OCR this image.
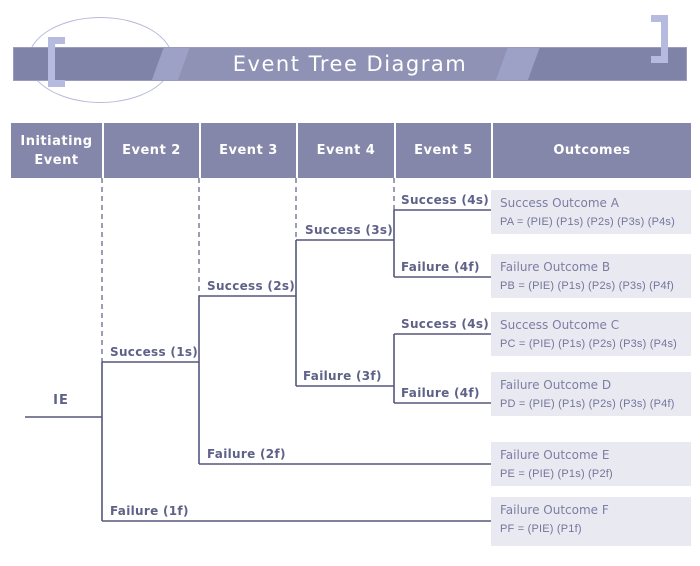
Event Tree Diagram
Initiating Event
Event 2	Event 3	Event 4	Event 5	Outcomes
IE
Success (1s)
Failure (1f)
Success (2s)
Failure (2f)
Success (3s)
Failure (3f)
Success (4s)
Failure (4f)
Success (4s)
Failure (4f)
Success Outcome A
PA = (PIE) (P1s) (P2s) (P3s) (P4s)
Failure Outcome B
PB = (PIE) (P1s) (P2s) (P3s) (P4f)
Success Outcome C
PC = (PIE) (P1s) (P2s) (P3s) (P4s)
Failure Outcome D
PD = (PIE) (P1s) (P2s) (P3s) (P4f)
Failure Outcome E
PE = (PIE) (P1s) (P2f)
Failure Outcome F
PF = (PIE) (P1f)
